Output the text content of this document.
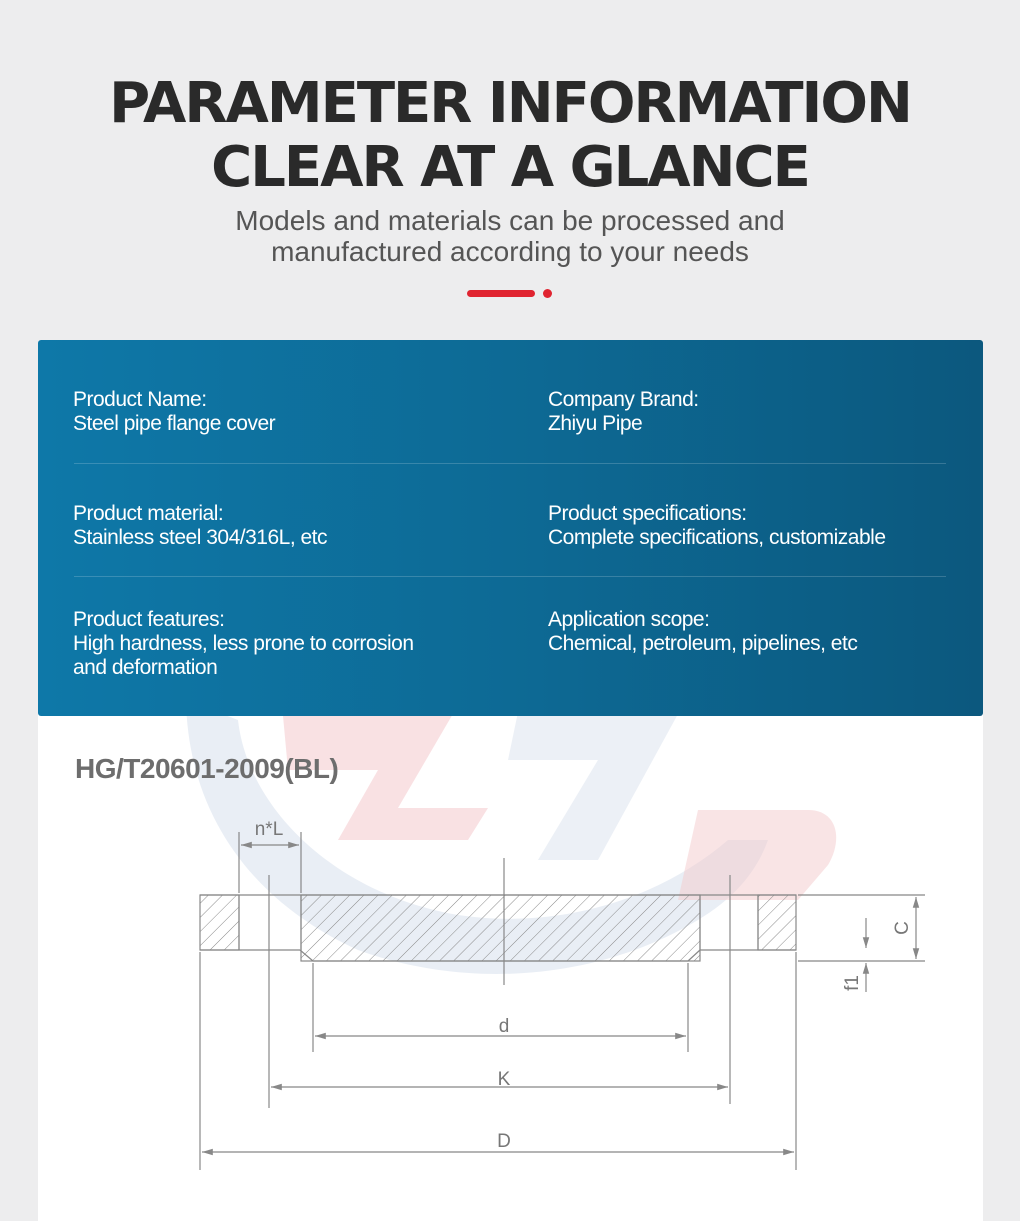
PARAMETER INFORMATION
CLEAR AT A GLANCE
Models and materials can be processed and
manufactured according to your needs
Product Name:
Steel pipe flange cover
Company Brand:
Zhiyu Pipe
Product material:
Stainless steel 304/316L, etc
Product specifications:
Complete specifications, customizable
Product features:
High hardness, less prone to corrosion
and deformation
Application scope:
Chemical, petroleum, pipelines, etc
HG/T20601-2009(BL)
n*L
d
K
D
C
f1
